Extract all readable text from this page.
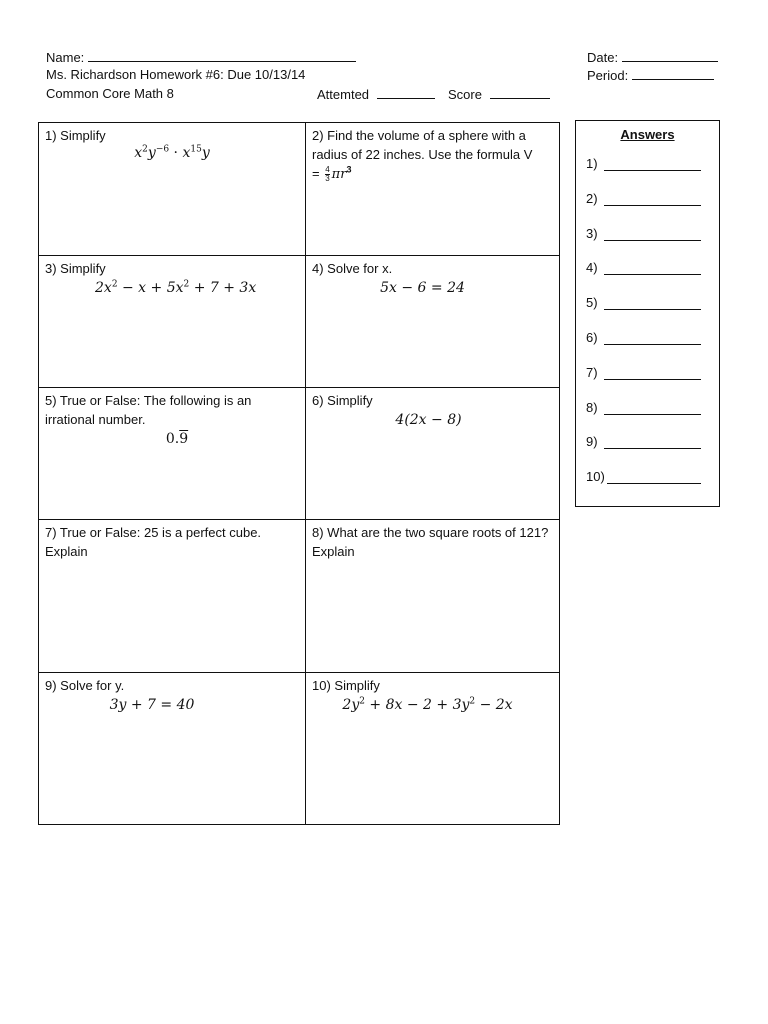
Name:	Date:
Ms. Richardson Homework #6: Due 10/13/14	Period:
Common Core Math 8	Attemted	Score
1) Simplify
$x^2y^{-6} \cdot x^{15}y$
2) Find the volume of a sphere with a radius of 22 inches. Use the formula V
= $\frac{4}{3} \pi r^3$
3) Simplify
$2x^2 - x + 5x^2 + 7 + 3x$
4) Solve for x.
5x − 6 = 24
5) True or False: The following is an irrational number.
0.9
6) Simplify
4(2x − 8)
7) True or False: 25 is a perfect cube. Explain
8) What are the two square roots of 121? Explain
9) Solve for y.
3y + 7 = 40
10) Simplify
$2y^2 + 8x - 2 + 3y^2 - 2x$
Answers
1)
2)
3)
4)
5)
6)
7)
8)
9)
10)
